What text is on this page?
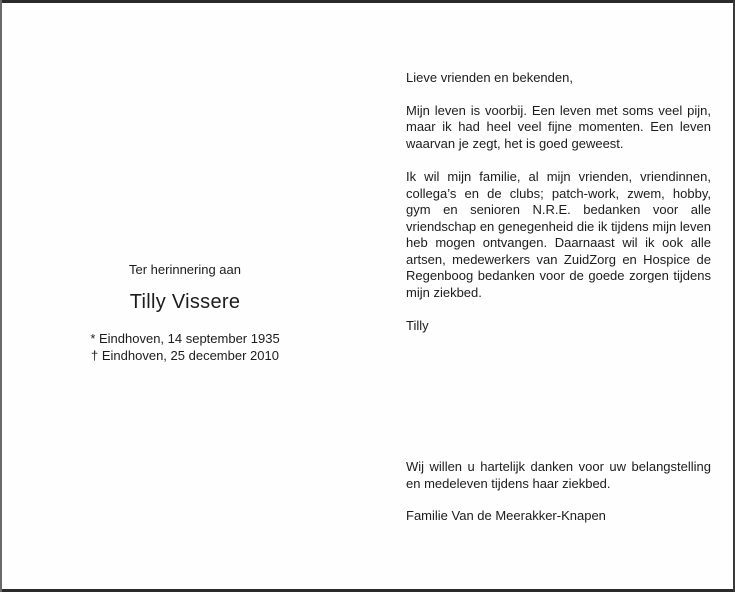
Ter herinnering aan
Tilly Vissere
* Eindhoven, 14 september 1935
† Eindhoven, 25 december 2010

Lieve vrienden en bekenden,

Mijn leven is voorbij. Een leven met soms veel pijn, maar ik had heel veel fijne momenten. Een leven waarvan je zegt, het is goed geweest.

Ik wil mijn familie, al mijn vrienden, vriendinnen, collega’s en de clubs; patch-work, zwem, hobby, gym en senioren N.R.E. bedanken voor alle vriendschap en genegenheid die ik tijdens mijn leven heb mogen ontvangen. Daarnaast wil ik ook alle artsen, medewerkers van ZuidZorg en Hospice de Regenboog bedanken voor de goede zorgen tijdens mijn ziekbed.

Tilly

Wij willen u hartelijk danken voor uw belangstelling en medeleven tijdens haar ziekbed.

Familie Van de Meerakker-Knapen
